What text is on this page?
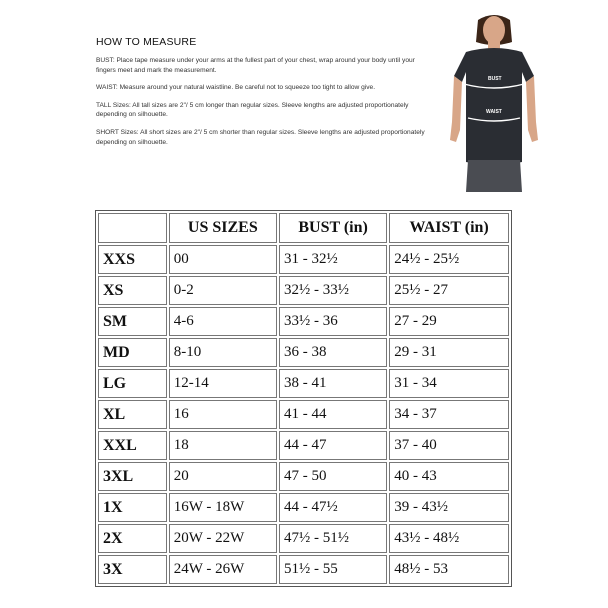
HOW TO MEASURE

BUST: Place tape measure under your arms at the fullest part of your chest, wrap around your body until your fingers meet and mark the measurement.

WAIST: Measure around your natural waistline. Be careful not to squeeze too tight to allow give.

TALL Sizes: All tall sizes are 2"/ 5 cm longer than regular sizes. Sleeve lengths are adjusted proportionately depending on silhouette.

SHORT Sizes: All short sizes are 2"/ 5 cm shorter than regular sizes. Sleeve lengths are adjusted proportionately depending on silhouette.

BUST
WAIST
	US SIZES	BUST (in)	WAIST (in)
XXS	00	31 - 32½	24½ - 25½
XS	0-2	32½ - 33½	25½ - 27
SM	4-6	33½ - 36	27 - 29
MD	8-10	36 - 38	29 - 31
LG	12-14	38 - 41	31 - 34
XL	16	41 - 44	34 - 37
XXL	18	44 - 47	37 - 40
3XL	20	47 - 50	40 - 43
1X	16W - 18W	44 - 47½	39 - 43½
2X	20W - 22W	47½ - 51½	43½ - 48½
3X	24W - 26W	51½ - 55	48½ - 53
